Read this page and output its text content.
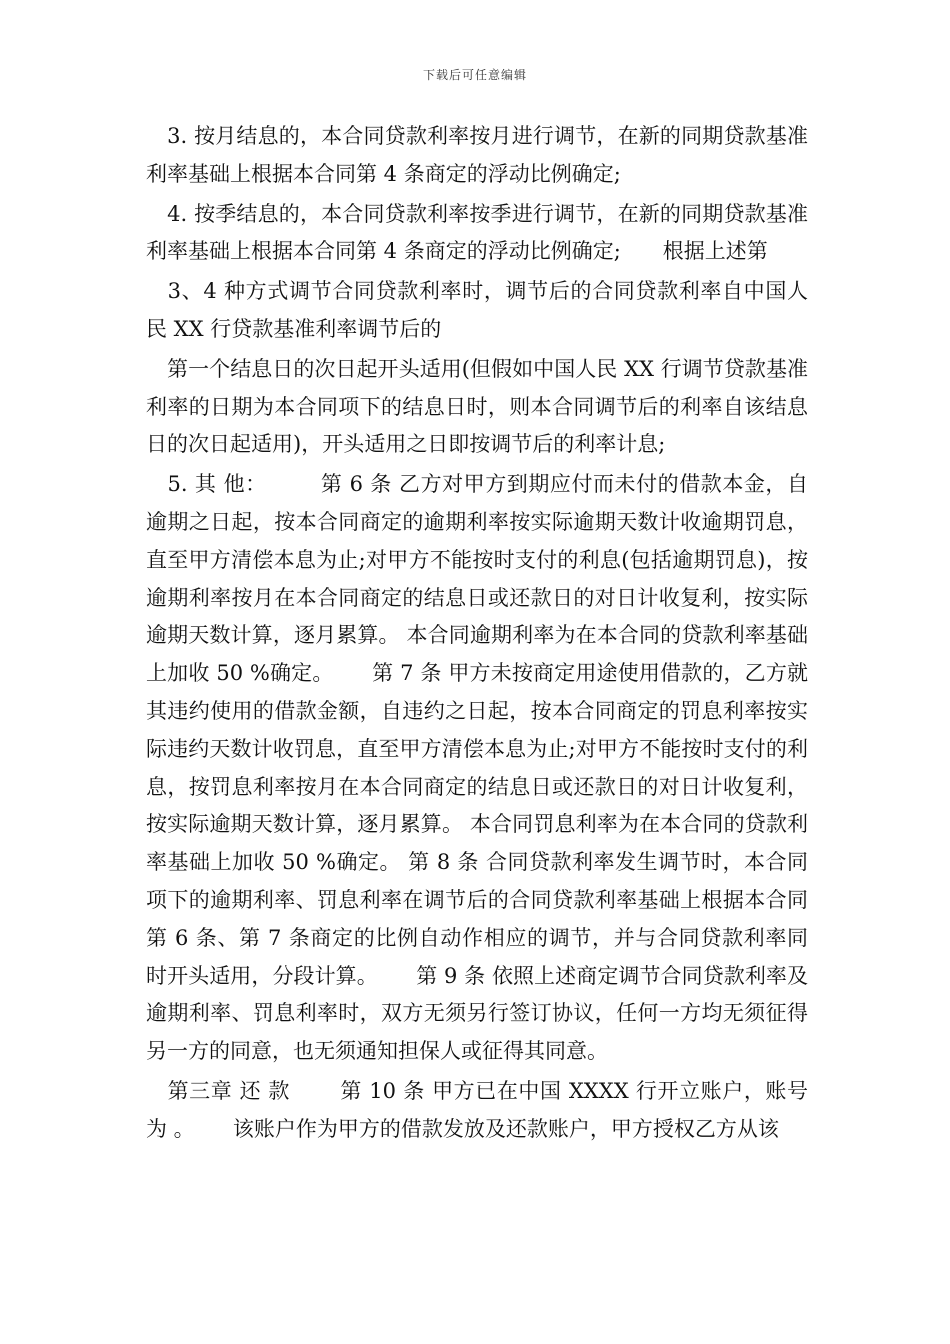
下载后可任意编辑

　3. 按月结息的，本合同贷款利率按月进行调节，在新的同期贷款基准利率基础上根据本合同第 4 条商定的浮动比例确定;

　4. 按季结息的，本合同贷款利率按季进行调节，在新的同期贷款基准利率基础上根据本合同第 4 条商定的浮动比例确定;　　根据上述第

　3、4 种方式调节合同贷款利率时，调节后的合同贷款利率自中国人民 XX 行贷款基准利率调节后的

　第一个结息日的次日起开头适用(但假如中国人民 XX 行调节贷款基准利率的日期为本合同项下的结息日时，则本合同调节后的利率自该结息日的次日起适用)，开头适用之日即按调节后的利率计息;

　5. 其 他：　　　第 6 条 乙方对甲方到期应付而未付的借款本金，自逾期之日起，按本合同商定的逾期利率按实际逾期天数计收逾期罚息，直至甲方清偿本息为止;对甲方不能按时支付的利息(包括逾期罚息)，按逾期利率按月在本合同商定的结息日或还款日的对日计收复利，按实际逾期天数计算，逐月累算。 本合同逾期利率为在本合同的贷款利率基础上加收 50 %确定。　　 第 7 条 甲方未按商定用途使用借款的，乙方就其违约使用的借款金额，自违约之日起，按本合同商定的罚息利率按实际违约天数计收罚息，直至甲方清偿本息为止;对甲方不能按时支付的利息，按罚息利率按月在本合同商定的结息日或还款日的对日计收复利，按实际逾期天数计算，逐月累算。 本合同罚息利率为在本合同的贷款利率基础上加收 50 %确定。 第 8 条 合同贷款利率发生调节时，本合同项下的逾期利率、罚息利率在调节后的合同贷款利率基础上根据本合同第 6 条、第 7 条商定的比例自动作相应的调节，并与合同贷款利率同时开头适用，分段计算。　　 第 9 条 依照上述商定调节合同贷款利率及逾期利率、罚息利率时，双方无须另行签订协议，任何一方均无须征得另一方的同意，也无须通知担保人或征得其同意。

　第三章 还 款　　 第 10 条 甲方已在中国 XXXX 行开立账户，账号为 。　　 该账户作为甲方的借款发放及还款账户，甲方授权乙方从该
